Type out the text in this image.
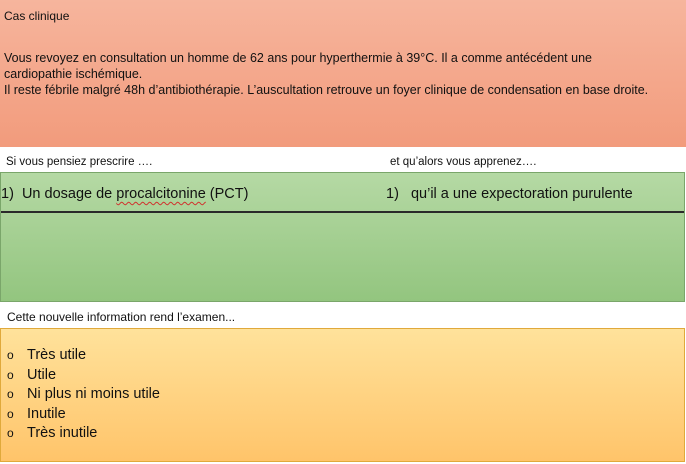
Cas clinique

Vous revoyez en consultation un homme de 62 ans pour hyperthermie à 39°C. Il a comme antécédent une

cardiopathie ischémique.

Il reste fébrile malgré 48h d’antibiothérapie. L’auscultation retrouve un foyer clinique de condensation en base droite.

Si vous pensiez prescrire ….	et qu’alors vous apprenez….
1)  Un dosage de procalcitonine (PCT)	1)   qu’il a une expectoration purulente
Cette nouvelle information rend l’examen...
o Très utile
o Utile
o Ni plus ni moins utile
o Inutile
o Très inutile
